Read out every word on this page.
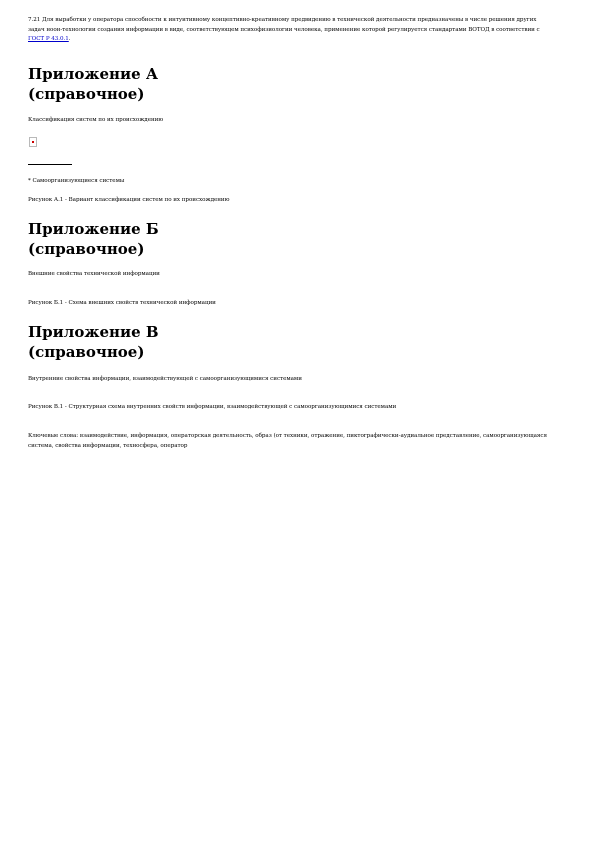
7.21 Для выработки у оператора способности к интуитивному концептивно-креативному предвидению в технической деятельности предназначены в числе решения других задач ноон-технологии создания информации в виде, соответствующем психофизиологии человека, применение которой регулируется стандартами ВОТОД в соответствии с ГОСТ Р 43.0.1.

Приложение А
(справочное)

Классификация систем по их происхождению

* Самоорганизующиеся системы

Рисунок А.1 - Вариант классификации систем по их происхождению

Приложение Б
(справочное)

Внешние свойства технической информации

Рисунок Б.1 - Схема внешних свойств технической информации

Приложение В
(справочное)

Внутренние свойства информации, взаимодействующей с самоорганизующимися системами

Рисунок В.1 - Структурная схема внутренних свойств информации, взаимодействующей с самоорганизующимися системами

Ключевые слова: взаимодействие, информация, операторская деятельность, образ (от техники, отражение, пиктографически-аудиальное представление, самоорганизующаяся система, свойства информации, техносфера, оператор
